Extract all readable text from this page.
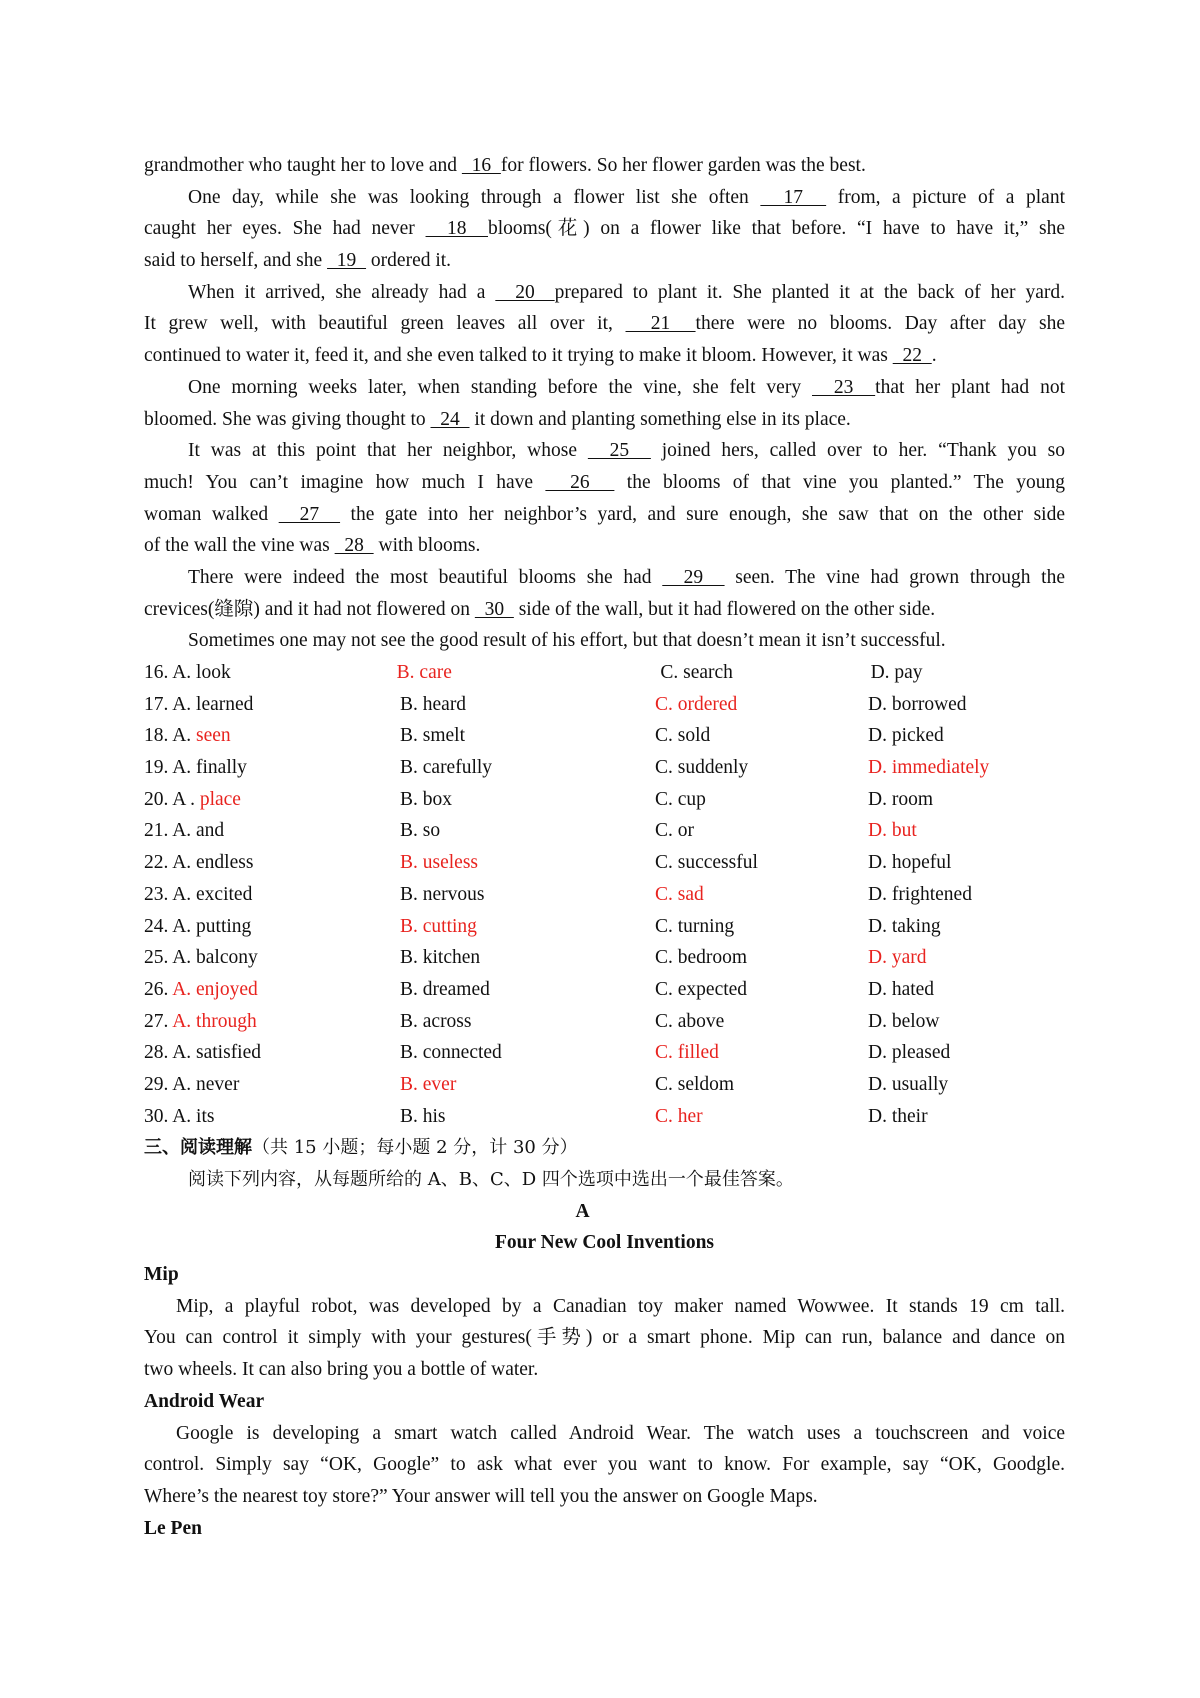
grandmother who taught her to love and   16  for flowers. So her flower garden was the best.
One day, while she was looking through a flower list she often   17   from, a picture of a plant
caught her eyes. She had never   18  blooms(花) on a flower like that before. “I have to have it,” she
said to herself, and she   19   ordered it.
When it arrived, she already had a   20  prepared to plant it. She planted it at the back of her yard.
It grew well, with beautiful green leaves all over it,   21  there were no blooms. Day after day she
continued to water it, feed it, and she even talked to it trying to make it bloom. However, it was   22  .
One morning weeks later, when standing before the vine, she felt very   23  that her plant had not
bloomed. She was giving thought to   24   it down and planting something else in its place.
It was at this point that her neighbor, whose   25   joined hers, called over to her. “Thank you so
much! You can’t imagine how much I have   26   the blooms of that vine you planted.” The young
woman walked   27   the gate into her neighbor’s yard, and sure enough, she saw that on the other side
of the wall the vine was   28   with blooms.
There were indeed the most beautiful blooms she had   29   seen. The vine had grown through the
crevices(缝隙) and it had not flowered on   30   side of the wall, but it had flowered on the other side.
Sometimes one may not see the good result of his effort, but that doesn’t mean it isn’t successful.
16. A. look	B. care	C. search	D. pay
17. A. learned	B. heard	C. ordered	D. borrowed
18. A. seen	B. smelt	C. sold	D. picked
19. A. finally	B. carefully	C. suddenly	D. immediately
20. A . place	B. box	C. cup	D. room
21. A. and	B. so	C. or	D. but
22. A. endless	B. useless	C. successful	D. hopeful
23. A. excited	B. nervous	C. sad	D. frightened
24. A. putting	B. cutting	C. turning	D. taking
25. A. balcony	B. kitchen	C. bedroom	D. yard
26. A. enjoyed	B. dreamed	C. expected	D. hated
27. A. through	B. across	C. above	D. below
28. A. satisfied	B. connected	C. filled	D. pleased
29. A. never	B. ever	C. seldom	D. usually
30. A. its	B. his	C. her	D. their
三、阅读理解（共 15 小题；每小题 2 分，计 30 分）
阅读下列内容，从每题所给的 A、B、C、D 四个选项中选出一个最佳答案。
A
Four New Cool Inventions
Mip
Mip, a playful robot, was developed by a Canadian toy maker named Wowwee. It stands 19 cm tall.
You can control it simply with your gestures(手势) or a smart phone. Mip can run, balance and dance on
two wheels. It can also bring you a bottle of water.
Android Wear
Google is developing a smart watch called Android Wear. The watch uses a touchscreen and voice
control. Simply say “OK, Google” to ask what ever you want to know. For example, say “OK, Goodgle.
Where’s the nearest toy store?” Your answer will tell you the answer on Google Maps.
Le Pen
